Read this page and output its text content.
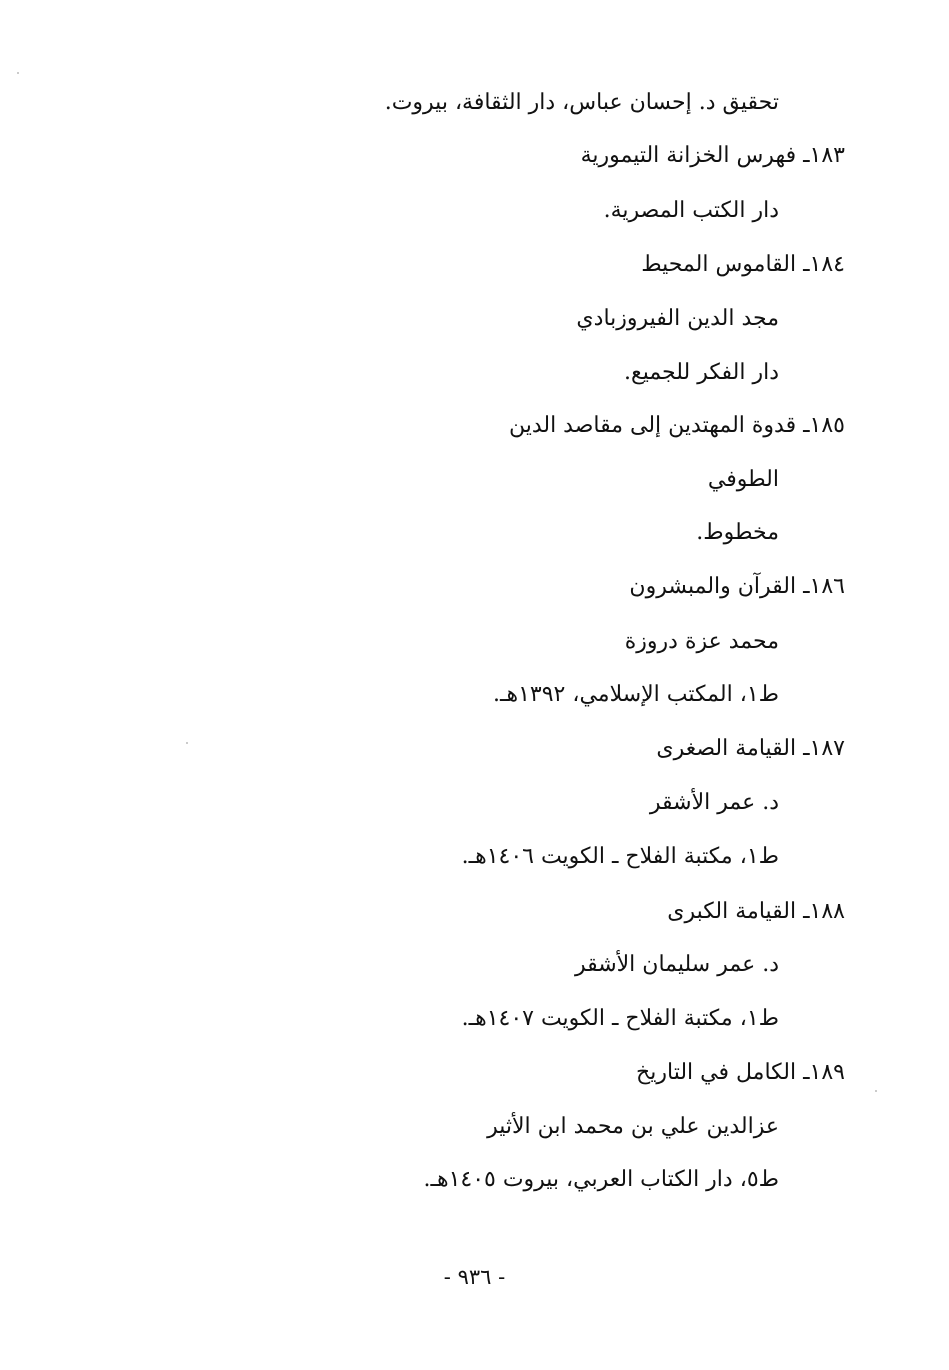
تحقيق د. إحسان عباس، دار الثقافة، بيروت.
١٨٣ـ فهرس الخزانة التيمورية
دار الكتب المصرية.
١٨٤ـ القاموس المحيط
مجد الدين الفيروزبادي
دار الفكر للجميع.
١٨٥ـ قدوة المهتدين إلى مقاصد الدين
الطوفي
مخطوط.
١٨٦ـ القرآن والمبشرون
محمد عزة دروزة
ط١، المكتب الإسلامي، ١٣٩٢هـ.
١٨٧ـ القيامة الصغرى
د. عمر الأشقر
ط١، مكتبة الفلاح ـ الكويت ١٤٠٦هـ.
١٨٨ـ القيامة الكبرى
د. عمر سليمان الأشقر
ط١، مكتبة الفلاح ـ الكويت ١٤٠٧هـ.
١٨٩ـ الكامل في التاريخ
عزالدين علي بن محمد ابن الأثير
ط٥، دار الكتاب العربي، بيروت ١٤٠٥هـ.
- ٩٣٦ -
